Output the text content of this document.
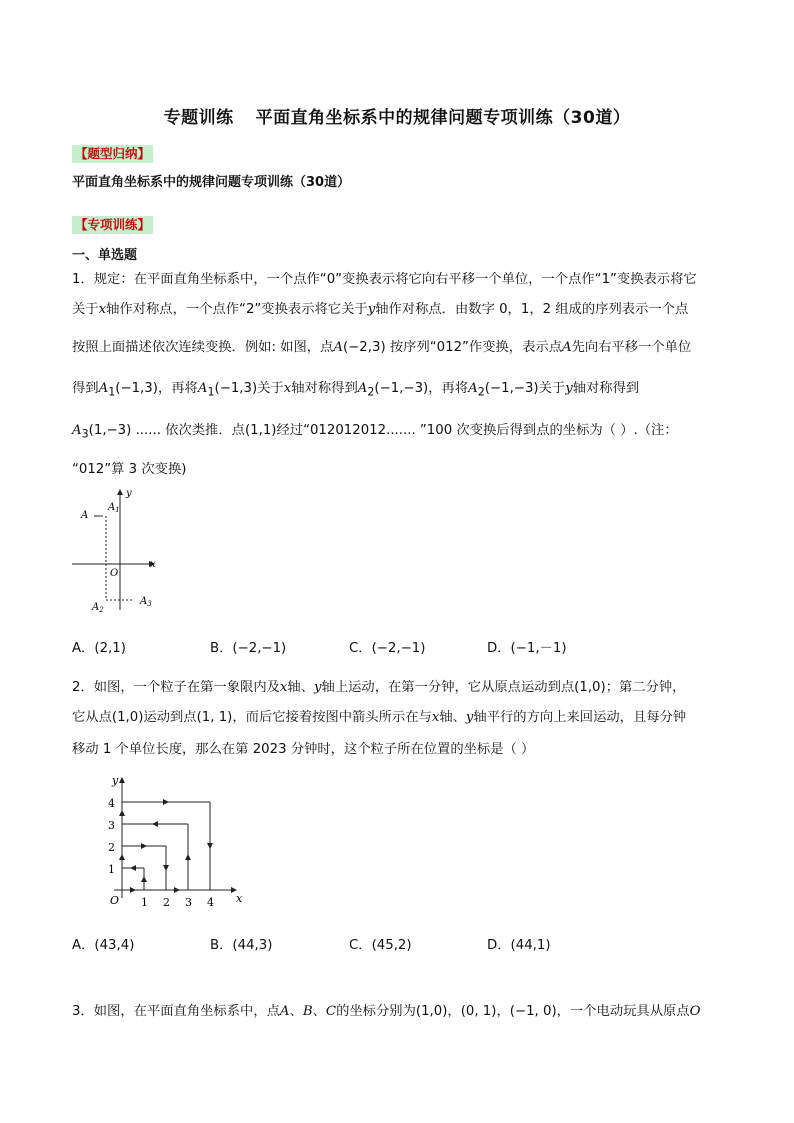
专题训练 平面直角坐标系中的规律问题专项训练（30道）
【题型归纳】
平面直角坐标系中的规律问题专项训练（30道）
【专项训练】
一、单选题
1．规定：在平面直角坐标系中，一个点作“0”变换表示将它向右平移一个单位，一个点作“1”变换表示将它
关于x轴作对称点，一个点作“2”变换表示将它关于y轴作对称点．由数字 0，1，2 组成的序列表示一个点
按照上面描述依次连续变换．例如: 如图，点A(−2,3) 按序列“012”作变换，表示点A先向右平移一个单位
得到$A_1(-1,3)$，再将$A_1(-1,3)$关于x轴对称得到$A_2(-1,-3)$，再将$A_2(-1,-3)$关于y轴对称得到
$A_3(1,-3)$ ...... 依次类推．点(1,1)经过“012012012....... ”100 次变换后得到点的坐标为（ ）.（注：
“012”算 3 次变换)
A
$A_1$
$A_2$
$A_3$
O
x
y
A．(2,1)	B．(−2,−1)	C．(−2,−1)	D．(−1,－1)
2．如图，一个粒子在第一象限内及x轴、y轴上运动，在第一分钟，它从原点运动到点(1,0)；第二分钟，
它从点(1,0)运动到点(1, 1)，而后它接着按图中箭头所示在与x轴、y轴平行的方向上来回运动，且每分钟
移动 1 个单位长度，那么在第 2023 分钟时，这个粒子所在位置的坐标是（ ）
O	x
y
1 2 3 4
1
2
3
4
A．(43,4)	B．(44,3)	C．(45,2)	D．(44,1)
3．如图，在平面直角坐标系中，点A、B、C的坐标分别为(1,0)，(0, 1)，(−1, 0)，一个电动玩具从原点O
